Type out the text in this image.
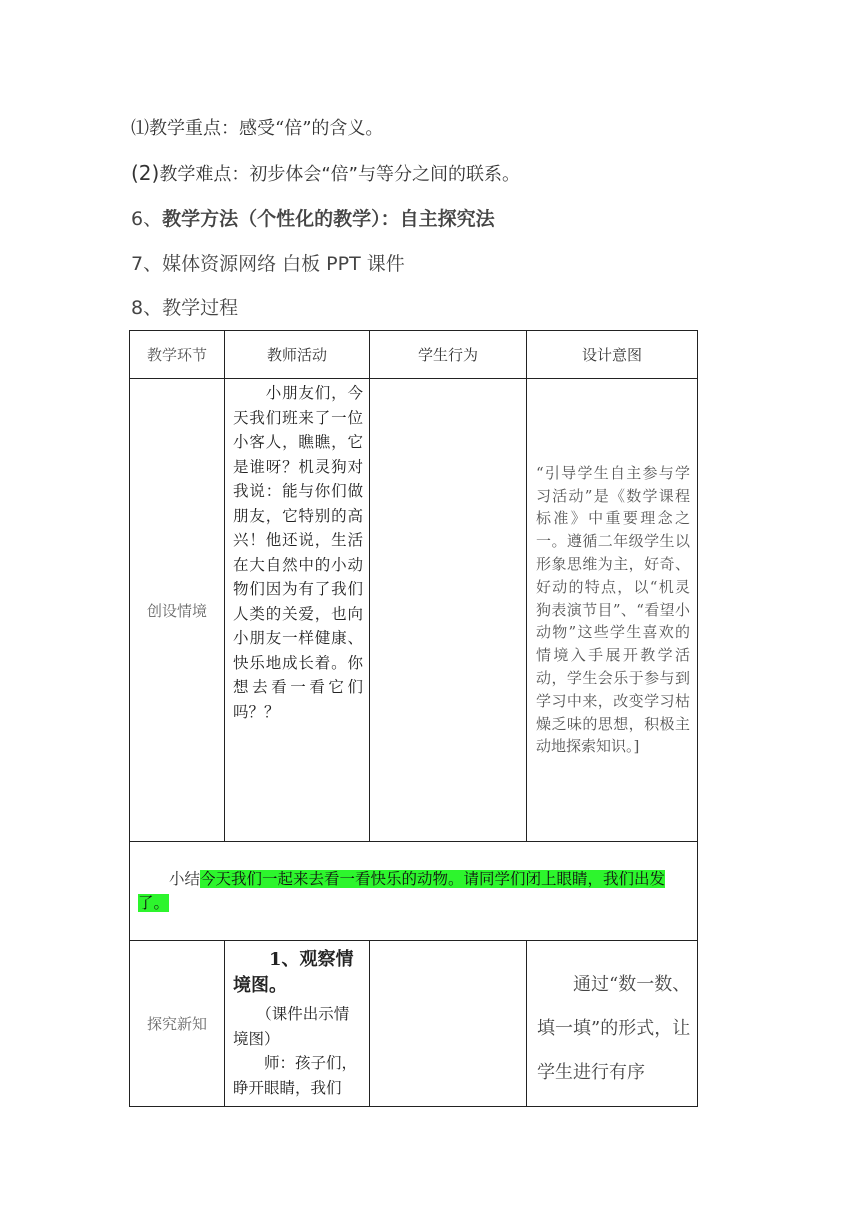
⑴教学重点：感受“倍”的含义。
(2)教学难点：初步体会“倍”与等分之间的联系。
6、教学方法（个性化的教学）：自主探究法
7、媒体资源网络 白板 PPT 课件
8、教学过程
教学环节	教师活动	学生行为	设计意图
创设情境	　　小朋友们，今天我们班来了一位小客人，瞧瞧，它是谁呀？机灵狗对我说：能与你们做朋友，它特别的高兴！他还说，生活在大自然中的小动物们因为有了我们人类的关爱，也向小朋友一样健康、快乐地成长着。你想去看一看它们吗？？		“引导学生自主参与学习活动”是《数学课程标准》中重要理念之一。遵循二年级学生以形象思维为主，好奇、好动的特点，以“机灵狗表演节目”、“看望小动物”这些学生喜欢的情境入手展开教学活动，学生会乐于参与到学习中来，改变学习枯燥乏味的思想，积极主动地探索知识。]
　　小结今天我们一起来去看一看快乐的动物。请同学们闭上眼睛，我们出发了。			
探究新知	　　1、观察情境图。
　　（课件出示情境图）
　　师：孩子们，睁开眼睛，我们		　　通过“数一数、填一填”的形式，让学生进行有序
